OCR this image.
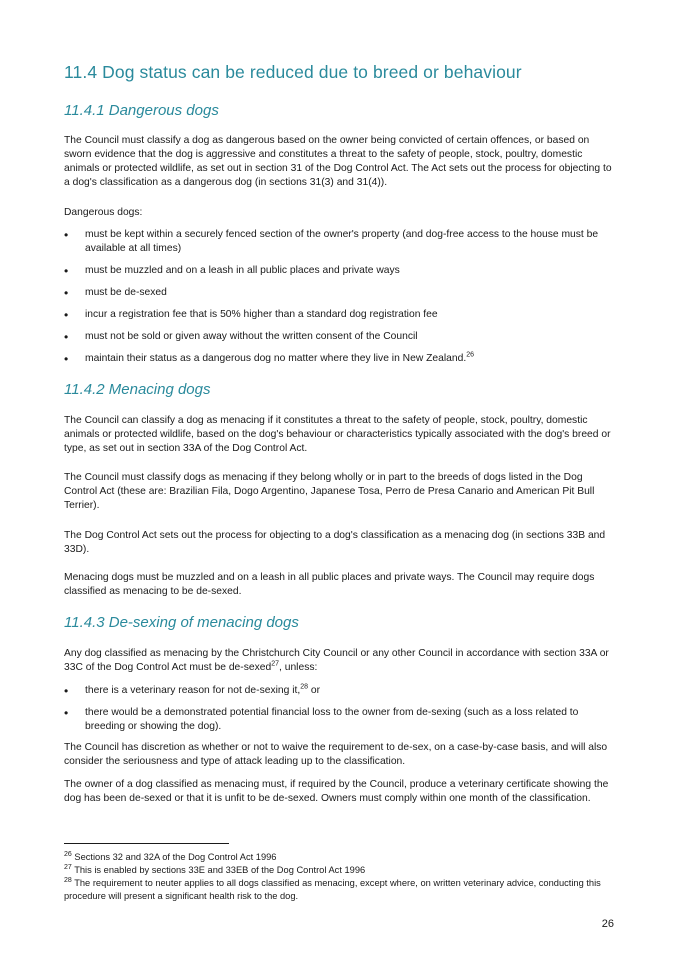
11.4 Dog status can be reduced due to breed or behaviour
11.4.1 Dangerous dogs

The Council must classify a dog as dangerous based on the owner being convicted of certain offences, or based on sworn evidence that the dog is aggressive and constitutes a threat to the safety of people, stock, poultry, domestic animals or protected wildlife, as set out in section 31 of the Dog Control Act. The Act sets out the process for objecting to a dog's classification as a dangerous dog (in sections 31(3) and 31(4)).

Dangerous dogs:

• must be kept within a securely fenced section of the owner's property (and dog-free access to the house must be available at all times)
• must be muzzled and on a leash in all public places and private ways
• must be de-sexed
• incur a registration fee that is 50% higher than a standard dog registration fee
• must not be sold or given away without the written consent of the Council
• maintain their status as a dangerous dog no matter where they live in New Zealand.$^{26}$
11.4.2 Menacing dogs

The Council can classify a dog as menacing if it constitutes a threat to the safety of people, stock, poultry, domestic animals or protected wildlife, based on the dog's behaviour or characteristics typically associated with the dog's breed or type, as set out in section 33A of the Dog Control Act.

The Council must classify dogs as menacing if they belong wholly or in part to the breeds of dogs listed in the Dog Control Act (these are: Brazilian Fila, Dogo Argentino, Japanese Tosa, Perro de Presa Canario and American Pit Bull Terrier).

The Dog Control Act sets out the process for objecting to a dog's classification as a menacing dog (in sections 33B and 33D).

Menacing dogs must be muzzled and on a leash in all public places and private ways. The Council may require dogs classified as menacing to be de-sexed.

11.4.3 De-sexing of menacing dogs

Any dog classified as menacing by the Christchurch City Council or any other Council in accordance with section 33A or 33C of the Dog Control Act must be de-sexed$^{27}$, unless:

• there is a veterinary reason for not de-sexing it,$^{28}$ or
• there would be a demonstrated potential financial loss to the owner from de-sexing (such as a loss related to breeding or showing the dog).

The Council has discretion as whether or not to waive the requirement to de-sex, on a case-by-case basis, and will also consider the seriousness and type of attack leading up to the classification.

The owner of a dog classified as menacing must, if required by the Council, produce a veterinary certificate showing the dog has been de-sexed or that it is unfit to be de-sexed. Owners must comply within one month of the classification.

$^{26}$ Sections 32 and 32A of the Dog Control Act 1996

$^{27}$ This is enabled by sections 33E and 33EB of the Dog Control Act 1996

$^{28}$ The requirement to neuter applies to all dogs classified as menacing, except where, on written veterinary advice, conducting this procedure will present a significant health risk to the dog.

26
